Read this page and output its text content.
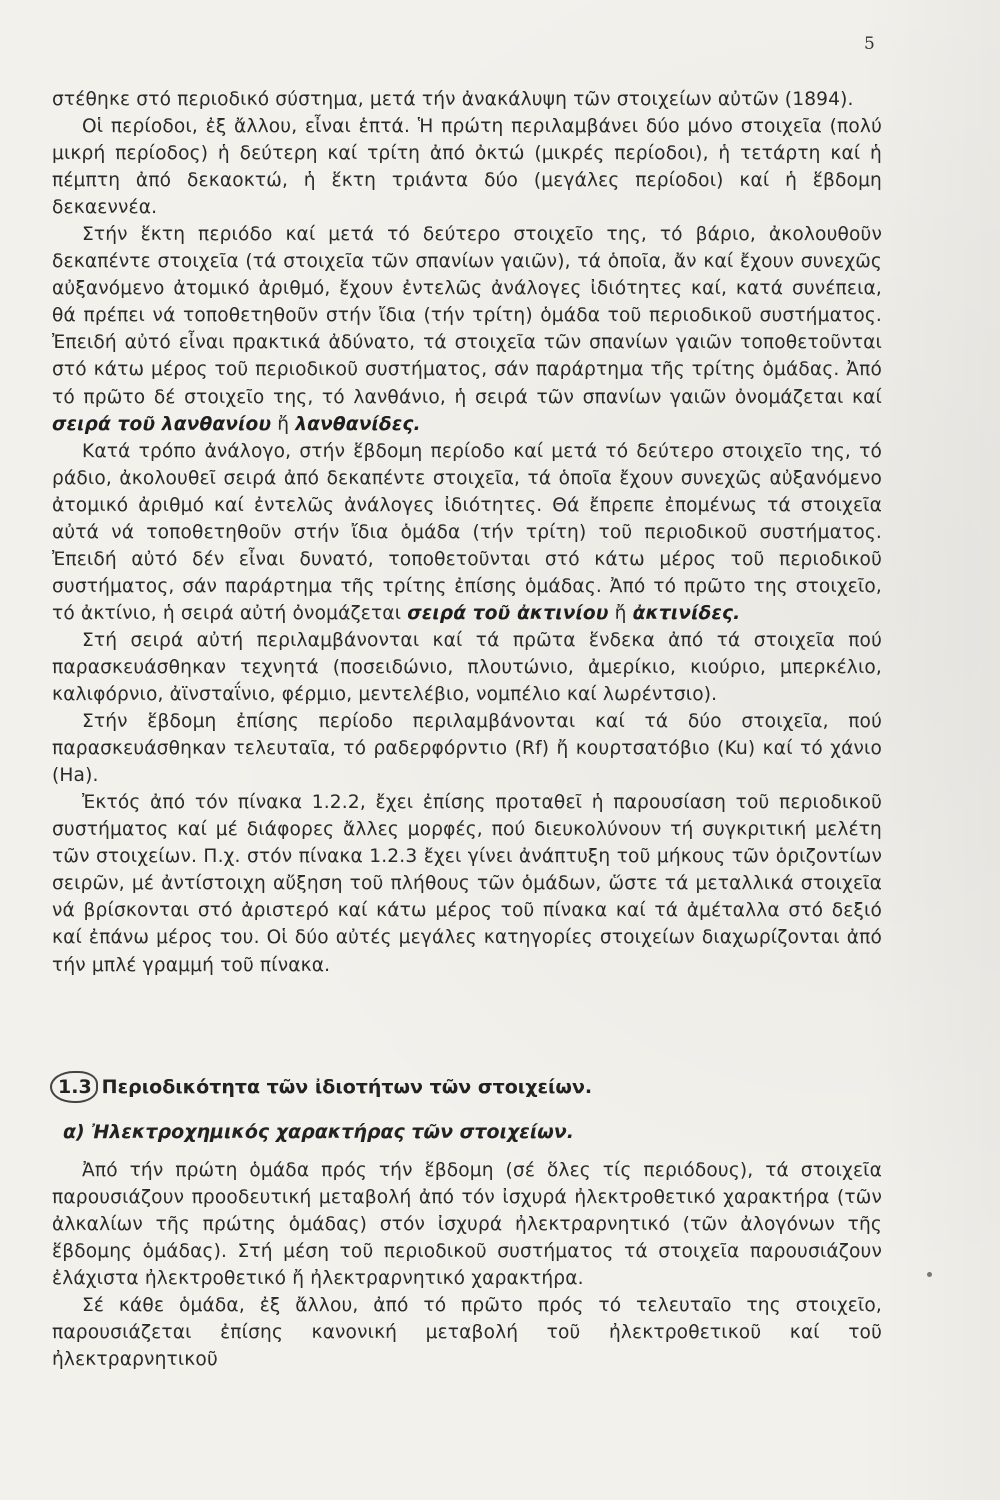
5

στέθηκε στό περιοδικό σύστημα, μετά τήν ἀνακάλυψη τῶν στοιχείων αὐτῶν (1894).

Οἱ περίοδοι, ἐξ ἄλλου, εἶναι ἑπτά. Ἡ πρώτη περιλαμβάνει δύο μόνο στοιχεῖα (πολύ μικρή περίοδος) ἡ δεύτερη καί τρίτη ἀπό ὀκτώ (μικρές περίοδοι), ἡ τετάρτη καί ἡ πέμπτη ἀπό δεκαοκτώ, ἡ ἕκτη τριάντα δύο (μεγάλες περίοδοι) καί ἡ ἕβδομη δεκαεννέα.

Στήν ἕκτη περιόδο καί μετά τό δεύτερο στοιχεῖο της, τό βάριο, ἀκολουθοῦν δεκαπέντε στοιχεῖα (τά στοιχεῖα τῶν σπανίων γαιῶν), τά ὁποῖα, ἄν καί ἔχουν συνεχῶς αὐξανόμενο ἀτομικό ἀριθμό, ἔχουν ἐντελῶς ἀνάλογες ἰδιότητες καί, κατά συνέπεια, θά πρέπει νά τοποθετηθοῦν στήν ἴδια (τήν τρίτη) ὁμάδα τοῦ περιοδικοῦ συστήματος. Ἐπειδή αὐτό εἶναι πρακτικά ἀδύνατο, τά στοιχεῖα τῶν σπανίων γαιῶν τοποθετοῦνται στό κάτω μέρος τοῦ περιοδικοῦ συστήματος, σάν παράρτημα τῆς τρίτης ὁμάδας. Ἀπό τό πρῶτο δέ στοιχεῖο της, τό λανθάνιο, ἡ σειρά τῶν σπανίων γαιῶν ὀνομάζεται καί σειρά τοῦ λανθανίου ἤ λανθανίδες.

Κατά τρόπο ἀνάλογο, στήν ἕβδομη περίοδο καί μετά τό δεύτερο στοιχεῖο της, τό ράδιο, ἀκολουθεῖ σειρά ἀπό δεκαπέντε στοιχεῖα, τά ὁποῖα ἔχουν συνεχῶς αὐξανόμενο ἀτομικό ἀριθμό καί ἐντελῶς ἀνάλογες ἰδιότητες. Θά ἔπρεπε ἐπομένως τά στοιχεῖα αὐτά νά τοποθετηθοῦν στήν ἴδια ὁμάδα (τήν τρίτη) τοῦ περιοδικοῦ συστήματος. Ἐπειδή αὐτό δέν εἶναι δυνατό, τοποθετοῦνται στό κάτω μέρος τοῦ περιοδικοῦ συστήματος, σάν παράρτημα τῆς τρίτης ἐπίσης ὁμάδας. Ἀπό τό πρῶτο της στοιχεῖο, τό ἀκτίνιο, ἡ σειρά αὐτή ὀνομάζεται σειρά τοῦ ἀκτινίου ἤ ἀκτινίδες.

Στή σειρά αὐτή περιλαμβάνονται καί τά πρῶτα ἕνδεκα ἀπό τά στοιχεῖα πού παρασκευάσθηκαν τεχνητά (ποσειδώνιο, πλουτώνιο, ἀμερίκιο, κιούριο, μπερκέλιο, καλιφόρνιο, ἀϊνσταΐνιο, φέρμιο, μεντελέβιο, νομπέλιο καί λωρέντσιο).

Στήν ἕβδομη ἐπίσης περίοδο περιλαμβάνονται καί τά δύο στοιχεῖα, πού παρασκευάσθηκαν τελευταῖα, τό ραδερφόρντιο (Rf) ἤ κουρτσατόβιο (Ku) καί τό χάνιο (Ha).

Ἐκτός ἀπό τόν πίνακα 1.2.2, ἔχει ἐπίσης προταθεῖ ἡ παρουσίαση τοῦ περιοδικοῦ συστήματος καί μέ διάφορες ἄλλες μορφές, πού διευκολύνουν τή συγκριτική μελέτη τῶν στοιχείων. Π.χ. στόν πίνακα 1.2.3 ἔχει γίνει ἀνάπτυξη τοῦ μήκους τῶν ὁριζοντίων σειρῶν, μέ ἀντίστοιχη αὔξηση τοῦ πλήθους τῶν ὁμάδων, ὥστε τά μεταλλικά στοιχεῖα νά βρίσκονται στό ἀριστερό καί κάτω μέρος τοῦ πίνακα καί τά ἀμέταλλα στό δεξιό καί ἐπάνω μέρος του. Οἱ δύο αὐτές μεγάλες κατηγορίες στοιχείων διαχωρίζονται ἀπό τήν μπλέ γραμμή τοῦ πίνακα.

1.3 Περιοδικότητα τῶν ἰδιοτήτων τῶν στοιχείων.
α) Ἠλεκτροχημικός χαρακτήρας τῶν στοιχείων.

Ἀπό τήν πρώτη ὁμάδα πρός τήν ἕβδομη (σέ ὅλες τίς περιόδους), τά στοιχεῖα παρουσιάζουν προοδευτική μεταβολή ἀπό τόν ἰσχυρά ἠλεκτροθετικό χαρακτήρα (τῶν ἀλκαλίων τῆς πρώτης ὁμάδας) στόν ἰσχυρά ἠλεκτραρνητικό (τῶν ἀλογόνων τῆς ἕβδομης ὁμάδας). Στή μέση τοῦ περιοδικοῦ συστήματος τά στοιχεῖα παρουσιάζουν ἐλάχιστα ἠλεκτροθετικό ἤ ἠλεκτραρνητικό χαρακτήρα.

Σέ κάθε ὁμάδα, ἐξ ἄλλου, ἀπό τό πρῶτο πρός τό τελευταῖο της στοιχεῖο, παρουσιάζεται ἐπίσης κανονική μεταβολή τοῦ ἠλεκτροθετικοῦ καί τοῦ ἠλεκτραρνητικοῦ
